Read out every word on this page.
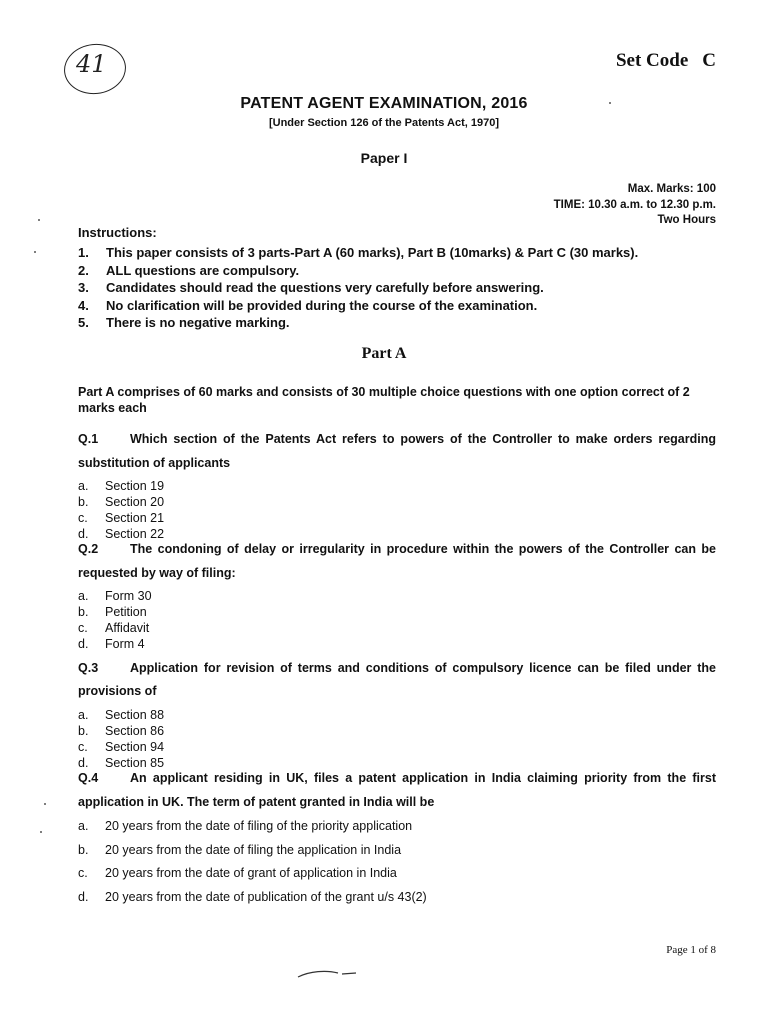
41	Set Code C
PATENT AGENT EXAMINATION, 2016
[Under Section 126 of the Patents Act, 1970]
Paper I
Max. Marks: 100
TIME: 10.30 a.m. to 12.30 p.m.
Two Hours
Instructions:
1.	This paper consists of 3 parts-Part A (60 marks), Part B (10marks) & Part C (30 marks).
2.	ALL questions are compulsory.
3.	Candidates should read the questions very carefully before answering.
4.	No clarification will be provided during the course of the examination.
5.	There is no negative marking.
Part A
Part A comprises of 60 marks and consists of 30 multiple choice questions with one option correct of 2 marks each
Q.1	Which section of the Patents Act refers to powers of the Controller to make orders regarding
substitution of applicants
a.	Section 19
b.	Section 20
c.	Section 21
d.	Section 22
Q.2	The condoning of delay or irregularity in procedure within the powers of the Controller can be
requested by way of filing:
a.	Form 30
b.	Petition
c.	Affidavit
d.	Form 4
Q.3	Application for revision of terms and conditions of compulsory licence can be filed under the
provisions of
a.	Section 88
b.	Section 86
c.	Section 94
d.	Section 85
Q.4	An applicant residing in UK, files a patent application in India claiming priority from the first
application in UK. The term of patent granted in India will be
a.	20 years from the date of filing of the priority application
b.	20 years from the date of filing the application in India
c.	20 years from the date of grant of application in India
d.	20 years from the date of publication of the grant u/s 43(2)
Page 1 of 8
